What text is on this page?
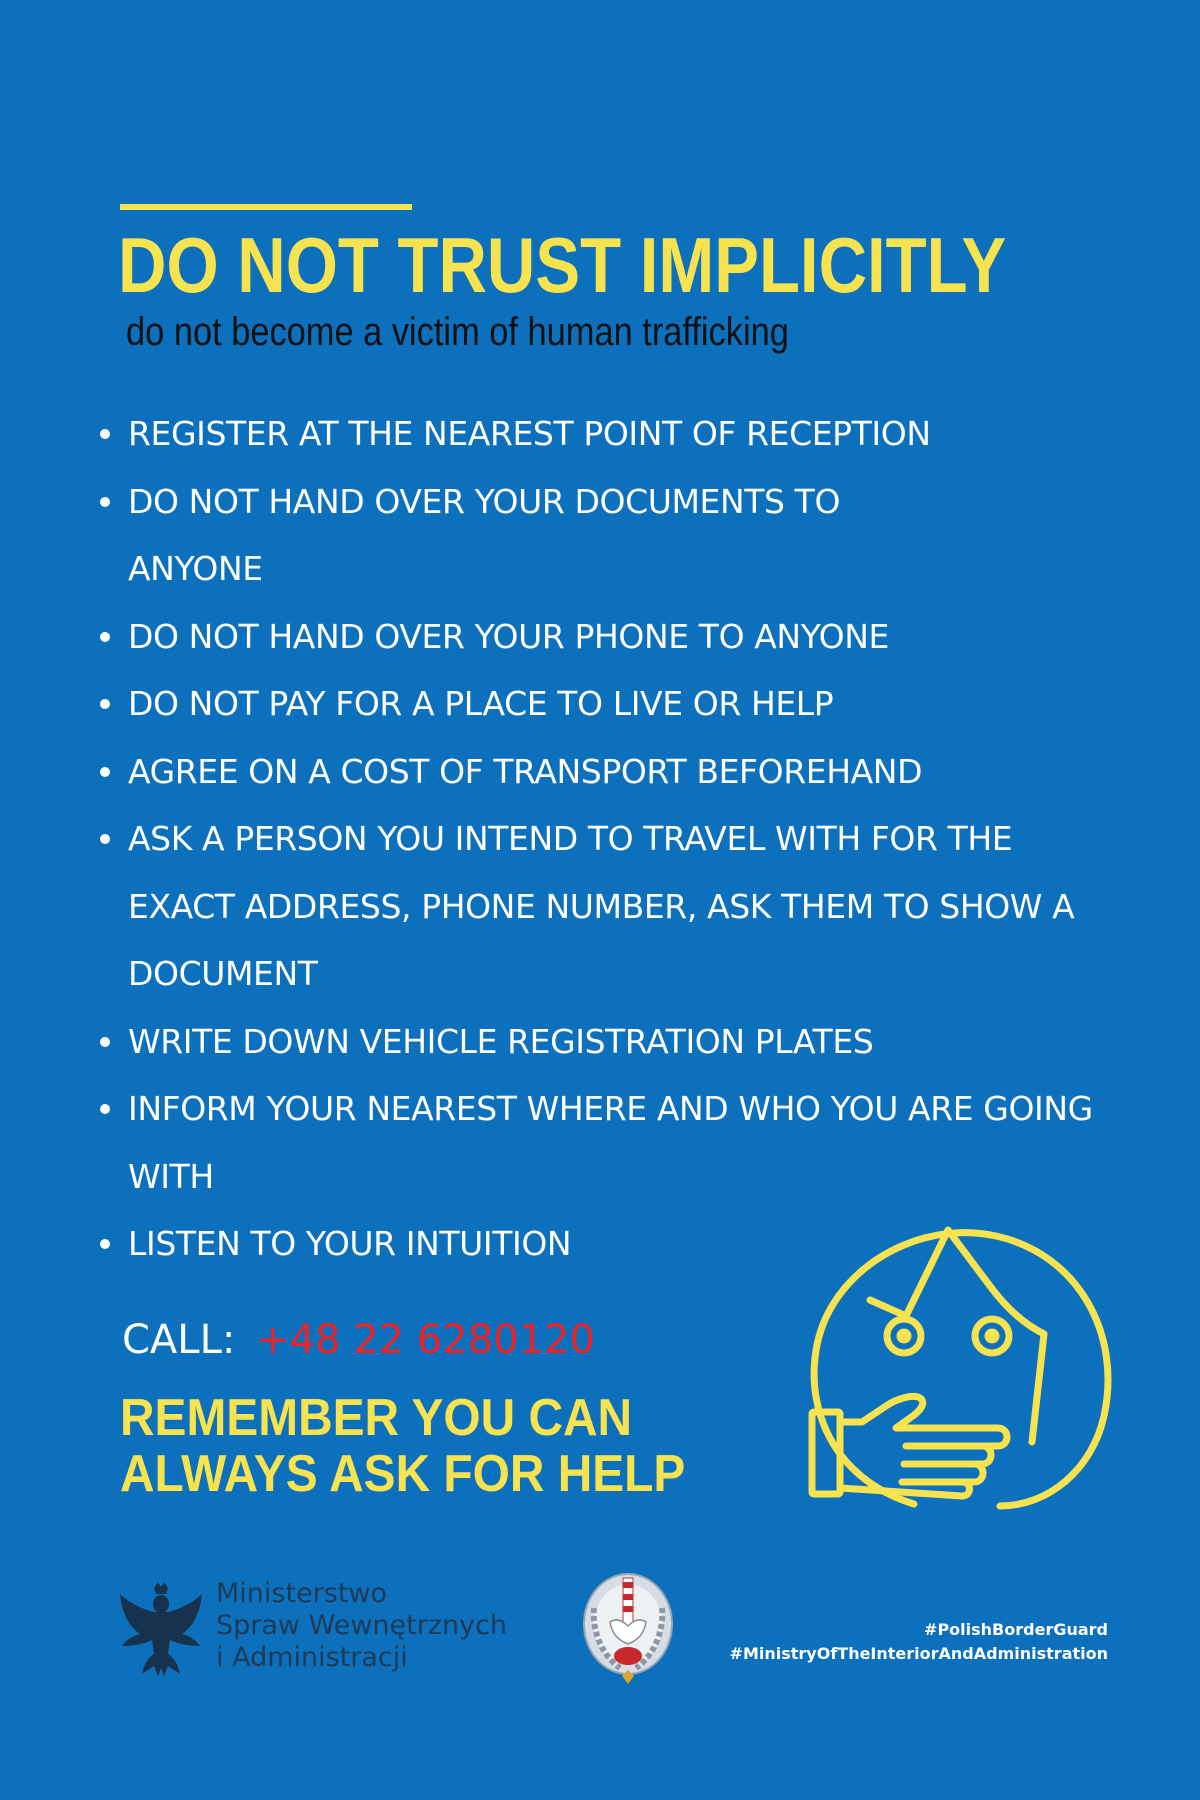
DO NOT TRUST IMPLICITLY
do not become a victim of human trafficking
REGISTER AT THE NEAREST POINT OF RECEPTION
DO NOT HAND OVER YOUR DOCUMENTS TO ANYONE
DO NOT HAND OVER YOUR PHONE TO ANYONE
DO NOT PAY FOR A PLACE TO LIVE OR HELP
AGREE ON A COST OF TRANSPORT BEFOREHAND
ASK A PERSON YOU INTEND TO TRAVEL WITH FOR THE EXACT ADDRESS, PHONE NUMBER, ASK THEM TO SHOW A DOCUMENT
WRITE DOWN VEHICLE REGISTRATION PLATES
INFORM YOUR NEAREST WHERE AND WHO YOU ARE GOING WITH
LISTEN TO YOUR INTUITION
CALL: +48 22 6280120
REMEMBER YOU CAN
ALWAYS ASK FOR HELP
Ministerstwo
Spraw Wewnętrznych
i Administracji
#PolishBorderGuard
#MinistryOfTheInteriorAndAdministration
